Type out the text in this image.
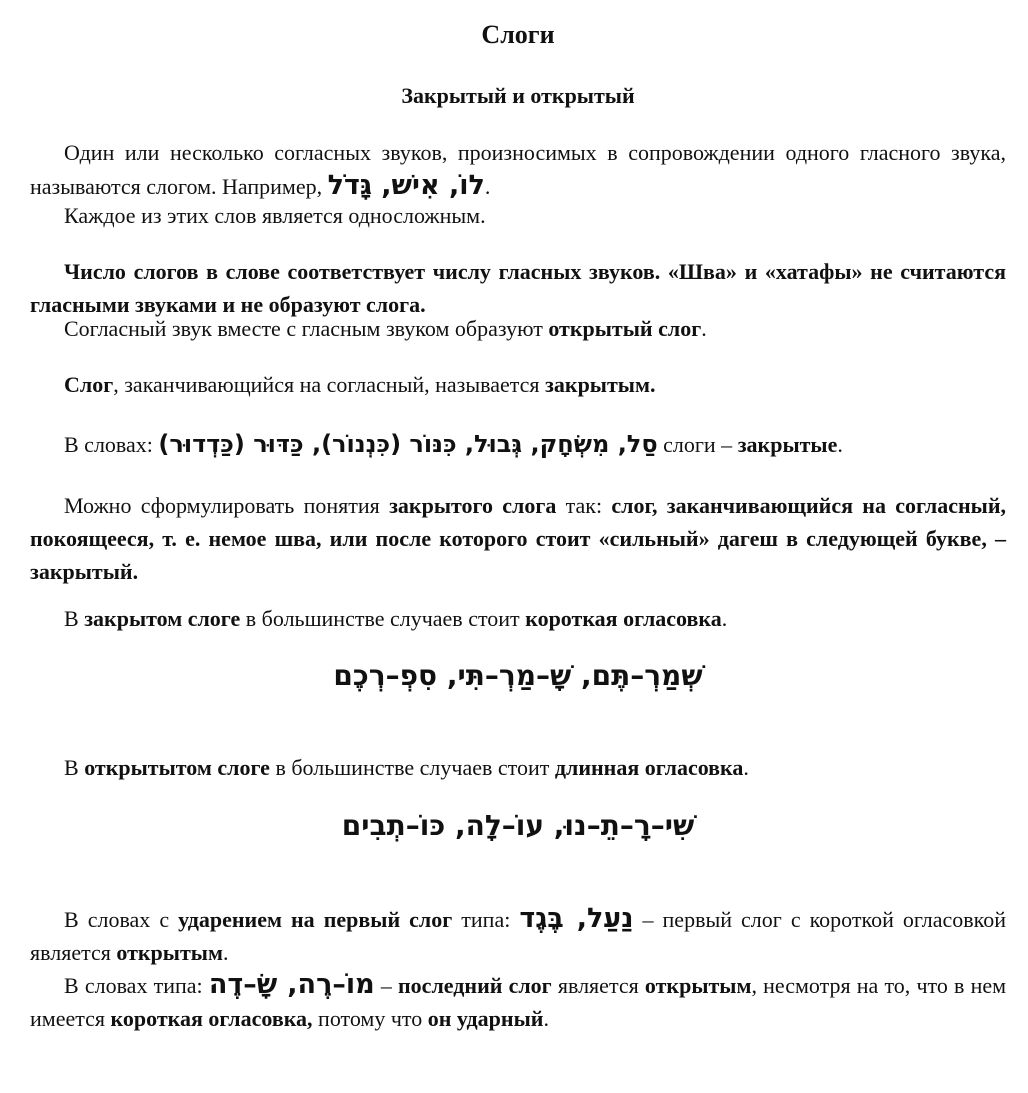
Слоги
Закрытый и открытый

Один или несколько согласных звуков, произносимых в сопровождении одного гласного звука, называются слогом. Например, לוֹ, אִישׁ, גָּדֹל.

Каждое из этих слов является односложным.

Число слогов в слове соответствует числу гласных звуков. «Шва» и «хатафы» не считаются гласными звуками и не образуют слога.

Согласный звук вместе с гласным звуком образуют открытый слог.

Слог, заканчивающийся на согласный, называется закрытым.

В словах: סַל, מִשְׂחָק, גְּבוּל, כִּנּוֹר (כִּנְנוֹר), כַּדּוּר (כַּדְדוּר) слоги – закрытые.

Можно сформулировать понятия закрытого слога так: слог, заканчивающийся на согласный, покоящееся, т. е. немое шва, или после которого стоит «сильный» дагеш в следующей букве, – закрытый.

В закрытом слоге в большинстве случаев стоит короткая огласовка.

שְׁמַרְ–תֶּם, שָׁ–מַרְ–תִּי, סִפְ–רְכֶם

В открытытом слоге в большинстве случаев стоит длинная огласовка.

שִׁי–רָ–תֵ–נוּ, עוֹ–לָה, כּוֹ–תְבִים

В словах с ударением на первый слог типа: נַעַל, בֶּגֶד – первый слог с короткой огласовкой является открытым.

В словах типа: מוֹ–רֶה, שָׂ–דֶה – последний слог является открытым, несмотря на то, что в нем имеется короткая огласовка, потому что он ударный.
